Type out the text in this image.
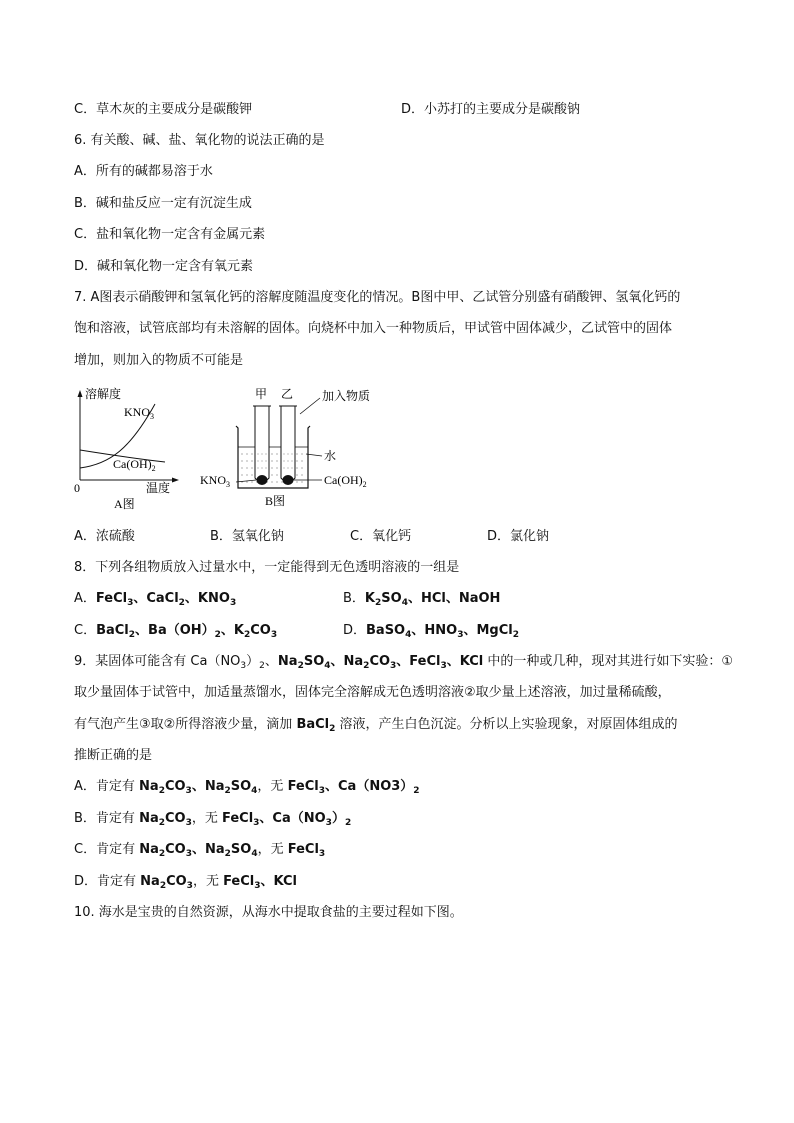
C．草木灰的主要成分是碳酸钾	D．小苏打的主要成分是碳酸钠
6. 有关酸、碱、盐、氧化物的说法正确的是
A．所有的碱都易溶于水
B．碱和盐反应一定有沉淀生成
C．盐和氧化物一定含有金属元素
D．碱和氧化物一定含有氧元素
7. A图表示硝酸钾和氢氧化钙的溶解度随温度变化的情况。B图中甲、乙试管分别盛有硝酸钾、氢氧化钙的
饱和溶液，试管底部均有未溶解的固体。向烧杯中加入一种物质后，甲试管中固体减少，乙试管中的固体
增加，则加入的物质不可能是
溶解度
$KNO_3$
$Ca(OH)_2$
0	温度
A图
甲 乙 加入物质
水
$KNO_3$	$Ca(OH)_2$
B图
A．浓硫酸	B．氢氧化钠	C．氧化钙	D．氯化钠
8．下列各组物质放入过量水中，一定能得到无色透明溶液的一组是
A．FeCl$_3$、CaCl$_2$、$KNO_3$	B．$K_2SO_4$、HCl、NaOH
C．BaCl$_2$、$Ba(OH)_2$、$K_2CO_3$	D．BaSO$_4$、$HNO_3$、MgCl$_2$
9．某固体可能含有 $Ca(NO_3)_2$、$Na_2SO_4$、$Na_2CO_3$、FeCl$_3$、KCl 中的一种或几种，现对其进行如下实验：①
取少量固体于试管中，加适量蒸馏水，固体完全溶解成无色透明溶液②取少量上述溶液，加过量稀硫酸，
有气泡产生③取②所得溶液少量，滴加 BaCl$_2$ 溶液，产生白色沉淀。分析以上实验现象，对原固体组成的
推断正确的是
A．肯定有 $Na_2CO_3$、$Na_2SO_4$，无 FeCl$_3$、$Ca(NO3)_2$
B．肯定有 $Na_2CO_3$，无 FeCl$_3$、$Ca(NO_3)_2$
C．肯定有 $Na_2CO_3$、$Na_2SO_4$，无 FeCl$_3$
D．肯定有 $Na_2CO_3$，无 FeCl$_3$、KCl
10. 海水是宝贵的自然资源，从海水中提取食盐的主要过程如下图。
